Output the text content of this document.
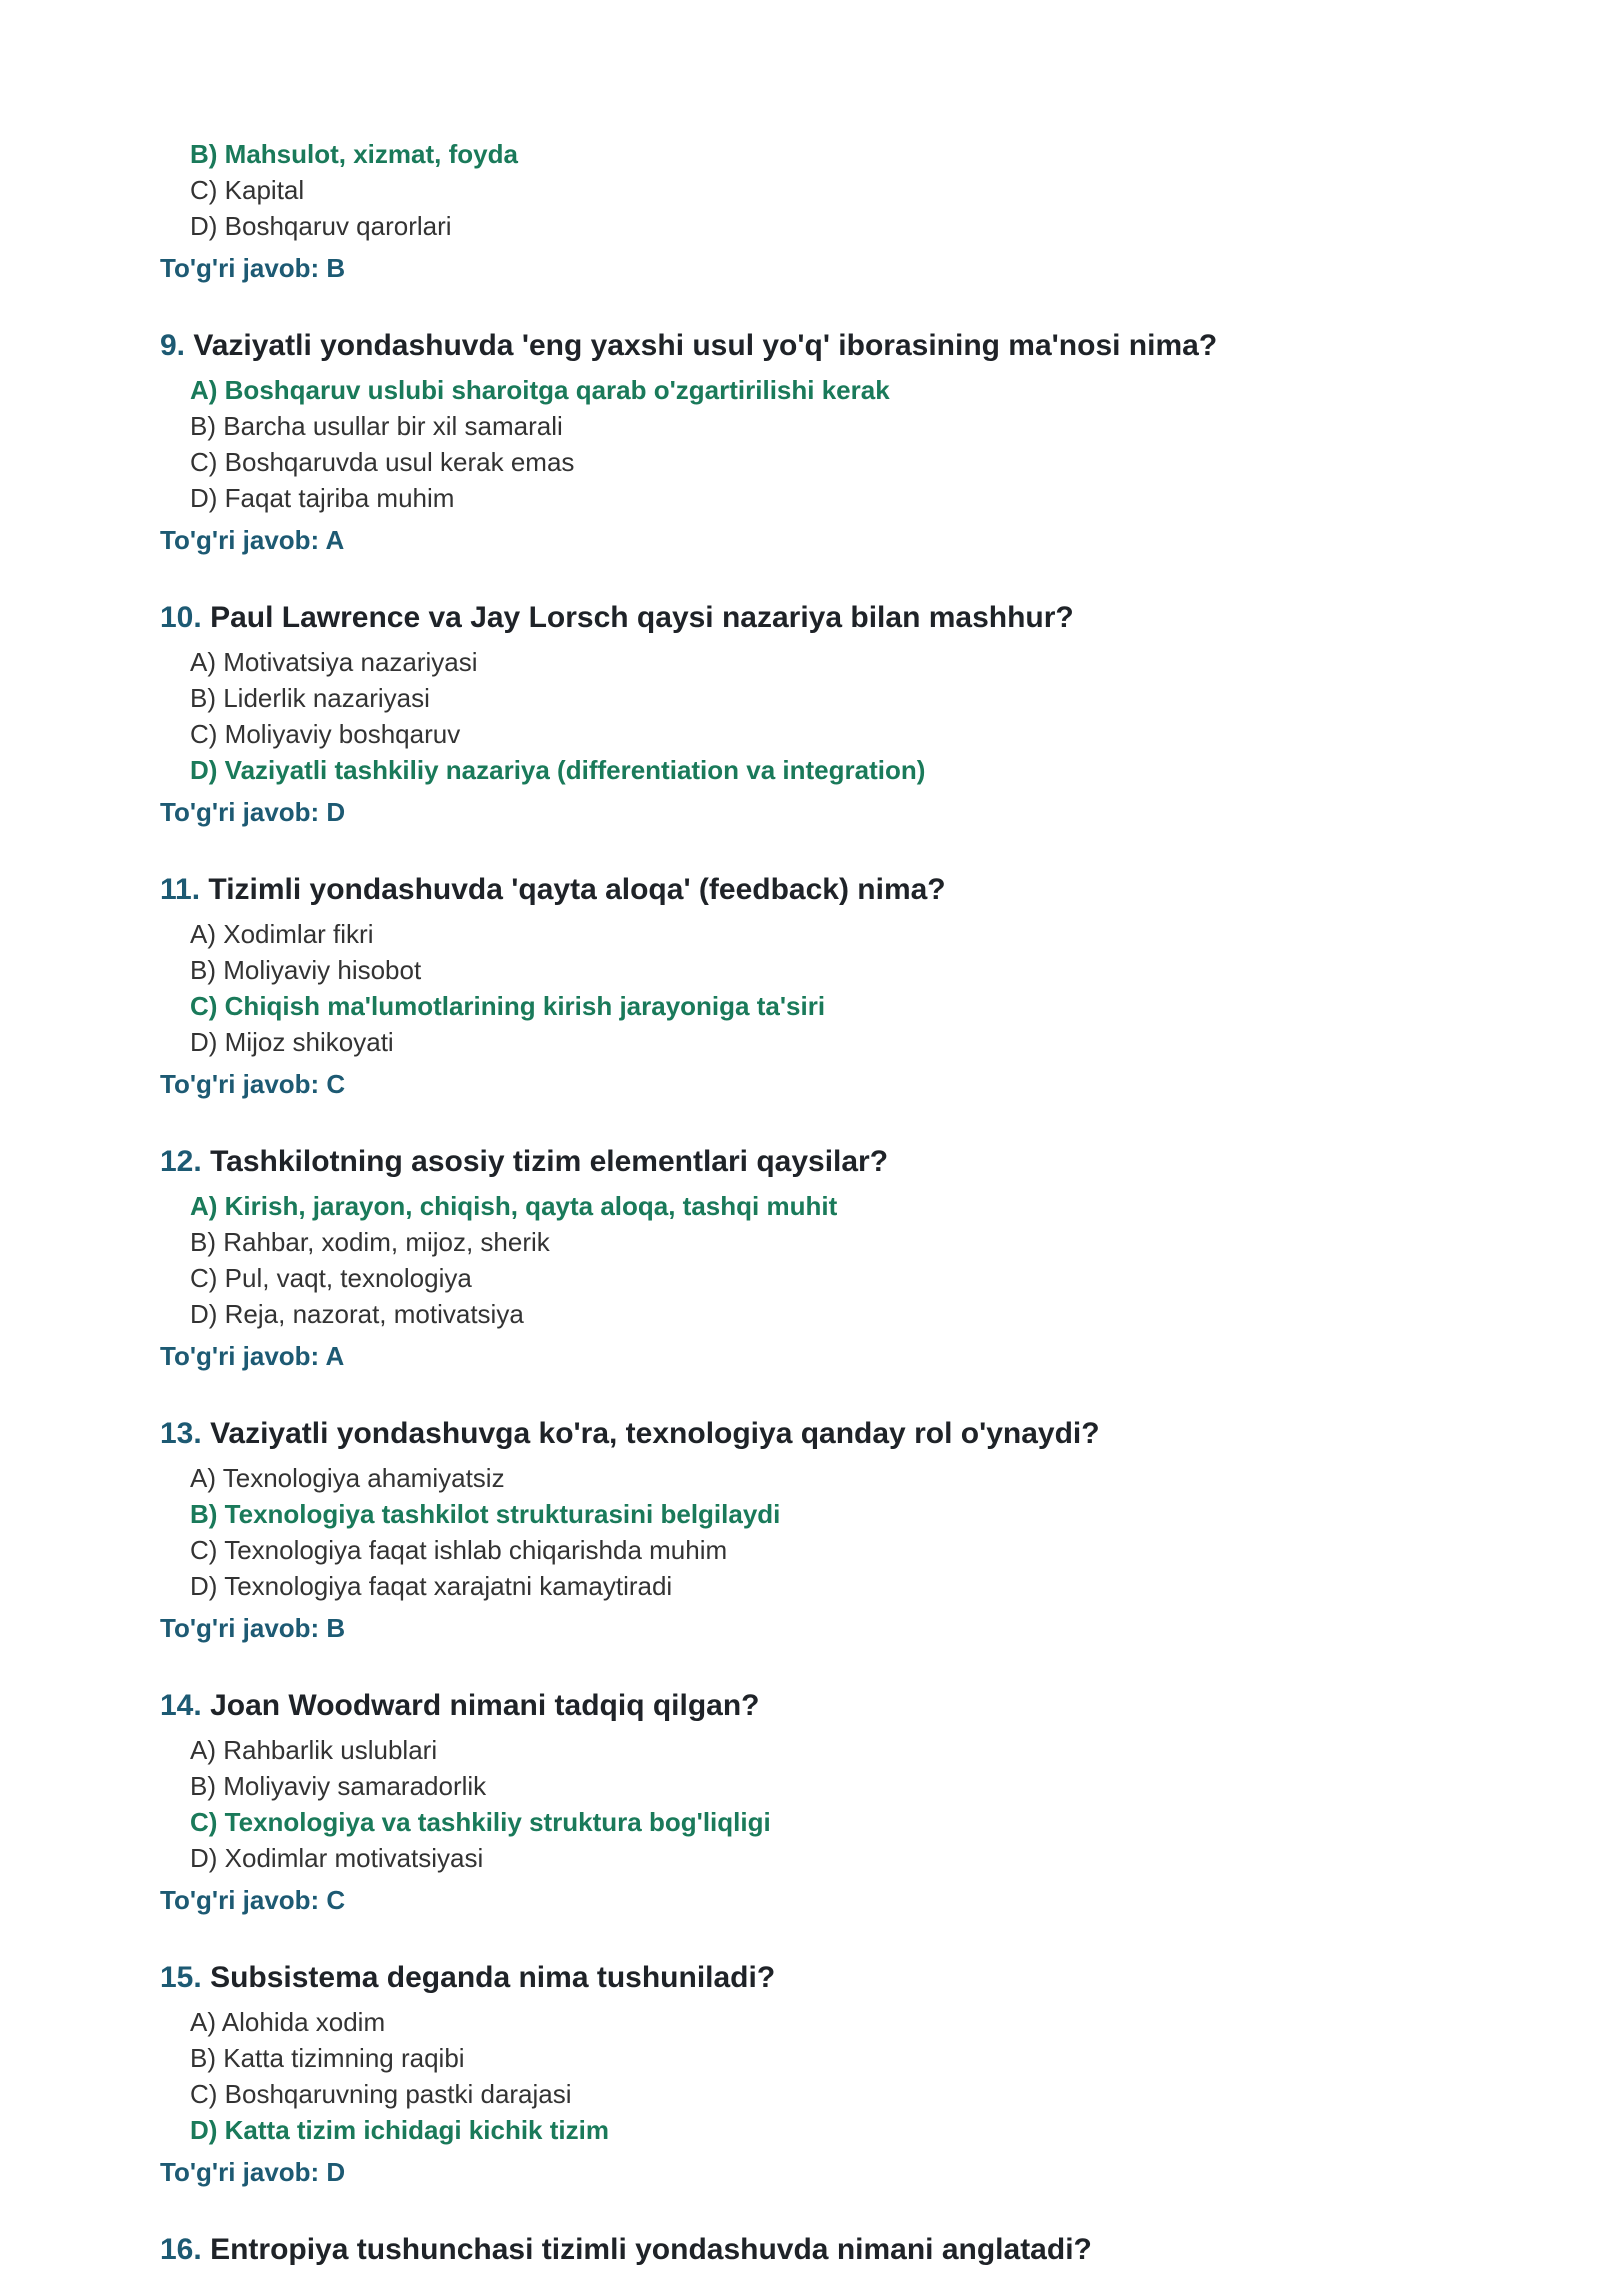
B) Mahsulot, xizmat, foyda
C) Kapital
D) Boshqaruv qarorlari
To'g'ri javob: B
9. Vaziyatli yondashuvda 'eng yaxshi usul yo'q' iborasining ma'nosi nima?
A) Boshqaruv uslubi sharoitga qarab o'zgartirilishi kerak
B) Barcha usullar bir xil samarali
C) Boshqaruvda usul kerak emas
D) Faqat tajriba muhim
To'g'ri javob: A
10. Paul Lawrence va Jay Lorsch qaysi nazariya bilan mashhur?
A) Motivatsiya nazariyasi
B) Liderlik nazariyasi
C) Moliyaviy boshqaruv
D) Vaziyatli tashkiliy nazariya (differentiation va integration)
To'g'ri javob: D
11. Tizimli yondashuvda 'qayta aloqa' (feedback) nima?
A) Xodimlar fikri
B) Moliyaviy hisobot
C) Chiqish ma'lumotlarining kirish jarayoniga ta'siri
D) Mijoz shikoyati
To'g'ri javob: C
12. Tashkilotning asosiy tizim elementlari qaysilar?
A) Kirish, jarayon, chiqish, qayta aloqa, tashqi muhit
B) Rahbar, xodim, mijoz, sherik
C) Pul, vaqt, texnologiya
D) Reja, nazorat, motivatsiya
To'g'ri javob: A
13. Vaziyatli yondashuvga ko'ra, texnologiya qanday rol o'ynaydi?
A) Texnologiya ahamiyatsiz
B) Texnologiya tashkilot strukturasini belgilaydi
C) Texnologiya faqat ishlab chiqarishda muhim
D) Texnologiya faqat xarajatni kamaytiradi
To'g'ri javob: B
14. Joan Woodward nimani tadqiq qilgan?
A) Rahbarlik uslublari
B) Moliyaviy samaradorlik
C) Texnologiya va tashkiliy struktura bog'liqligi
D) Xodimlar motivatsiyasi
To'g'ri javob: C
15. Subsistema deganda nima tushuniladi?
A) Alohida xodim
B) Katta tizimning raqibi
C) Boshqaruvning pastki darajasi
D) Katta tizim ichidagi kichik tizim
To'g'ri javob: D
16. Entropiya tushunchasi tizimli yondashuvda nimani anglatadi?
